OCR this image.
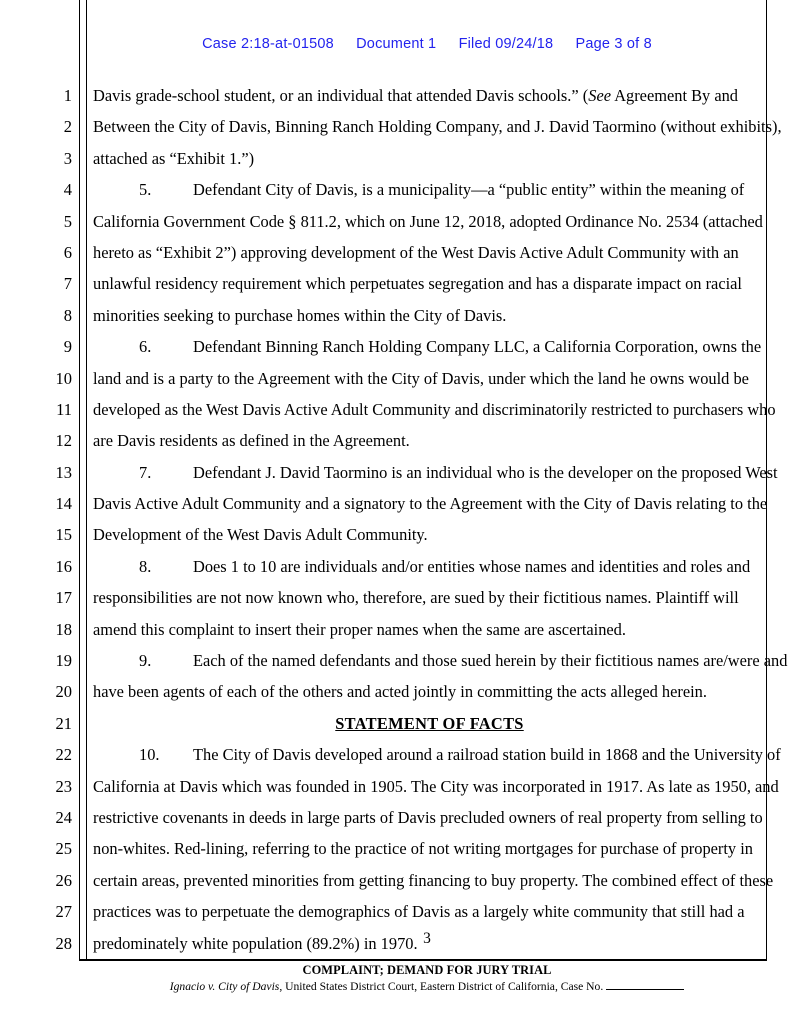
Case 2:18-at-01508 Document 1 Filed 09/24/18 Page 3 of 8
1 Davis grade-school student, or an individual that attended Davis schools.” (See Agreement By and
2 Between the City of Davis, Binning Ranch Holding Company, and J. David Taormino (without exhibits),
3 attached as “Exhibit 1.”)
4	5.	Defendant City of Davis, is a municipality—a “public entity” within the meaning of
5 California Government Code § 811.2, which on June 12, 2018, adopted Ordinance No. 2534 (attached
6 hereto as “Exhibit 2”) approving development of the West Davis Active Adult Community with an
7 unlawful residency requirement which perpetuates segregation and has a disparate impact on racial
8 minorities seeking to purchase homes within the City of Davis.
9	6.	Defendant Binning Ranch Holding Company LLC, a California Corporation, owns the
10 land and is a party to the Agreement with the City of Davis, under which the land he owns would be
11 developed as the West Davis Active Adult Community and discriminatorily restricted to purchasers who
12 are Davis residents as defined in the Agreement.
13	7.	Defendant J. David Taormino is an individual who is the developer on the proposed West
14 Davis Active Adult Community and a signatory to the Agreement with the City of Davis relating to the
15 Development of the West Davis Adult Community.
16	8.	Does 1 to 10 are individuals and/or entities whose names and identities and roles and
17 responsibilities are not now known who, therefore, are sued by their fictitious names. Plaintiff will
18 amend this complaint to insert their proper names when the same are ascertained.
19	9.	Each of the named defendants and those sued herein by their fictitious names are/were and
20 have been agents of each of the others and acted jointly in committing the acts alleged herein.
21	STATEMENT OF FACTS
22	10. The City of Davis developed around a railroad station build in 1868 and the University of
23 California at Davis which was founded in 1905. The City was incorporated in 1917. As late as 1950, and
24 restrictive covenants in deeds in large parts of Davis precluded owners of real property from selling to
25 non-whites. Red-lining, referring to the practice of not writing mortgages for purchase of property in
26 certain areas, prevented minorities from getting financing to buy property. The combined effect of these
27 practices was to perpetuate the demographics of Davis as a largely white community that still had a
28 predominately white population (89.2%) in 1970. 3
COMPLAINT; DEMAND FOR JURY TRIAL
Ignacio v. City of Davis, United States District Court, Eastern District of California, Case No.
